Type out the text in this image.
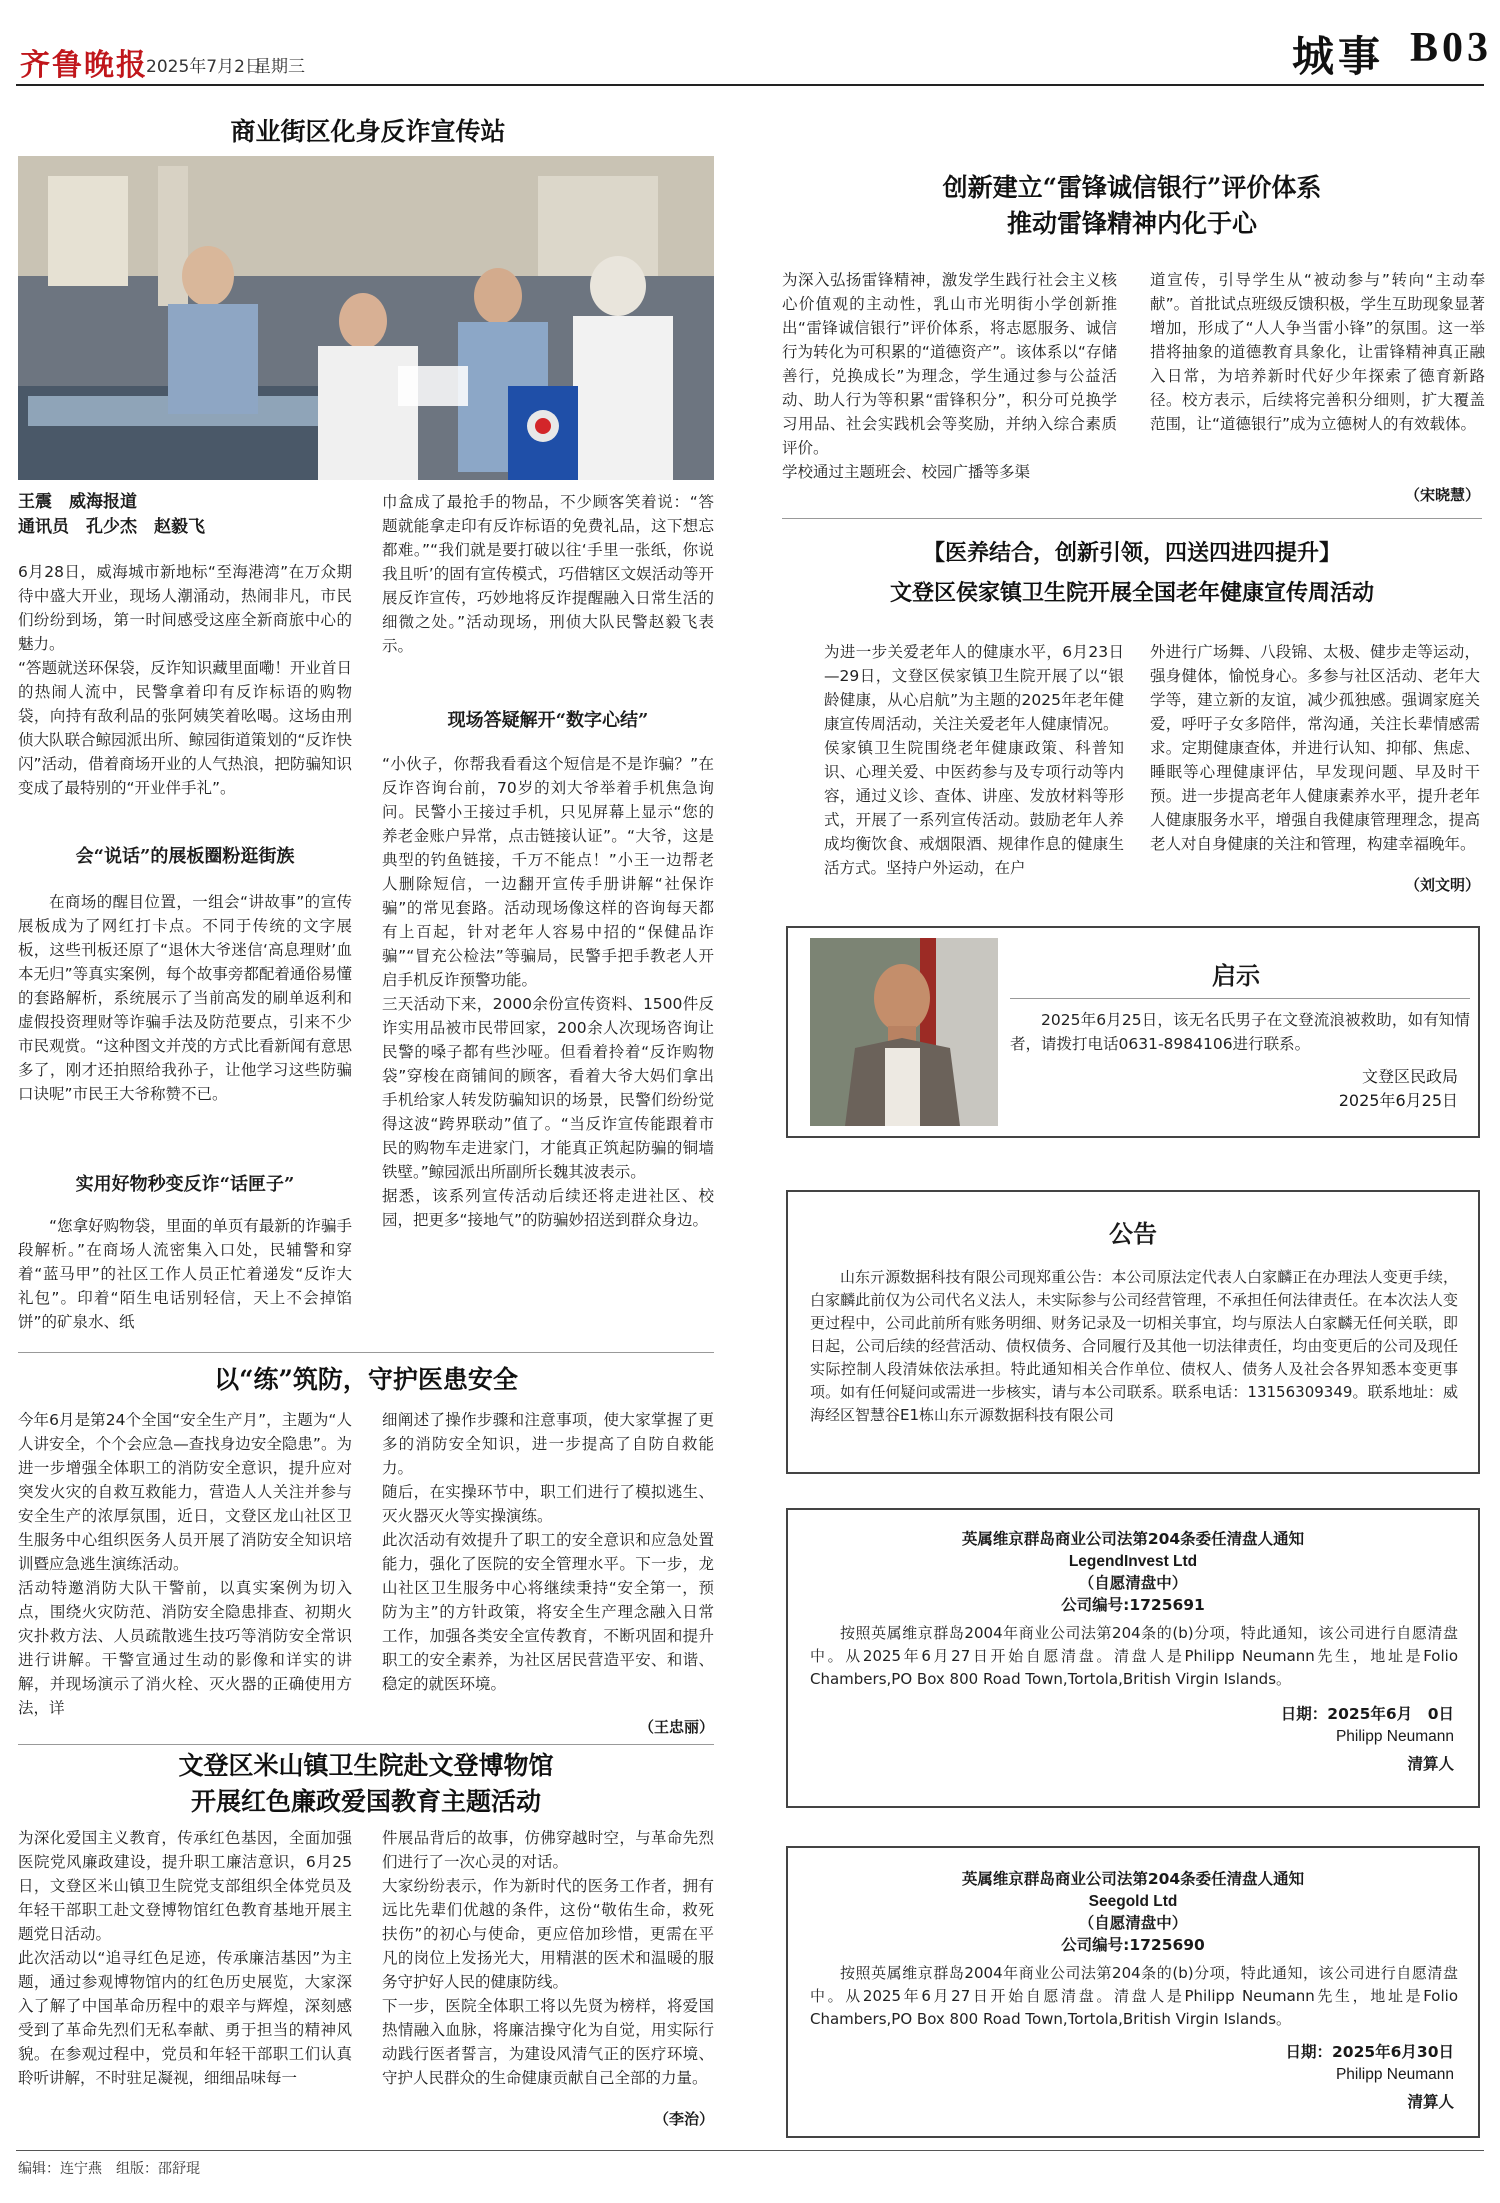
齐鲁晚报
2025年7月2日
星期三	城事 B03
商业街区化身反诈宣传站
王震　威海报道
通讯员　孔少杰　赵毅飞

6月28日，威海城市新地标“至海港湾”在万众期待中盛大开业，现场人潮涌动，热闹非凡，市民们纷纷到场，第一时间感受这座全新商旅中心的魅力。
“答题就送环保袋，反诈知识藏里面嘞！开业首日的热闹人流中，民警拿着印有反诈标语的购物袋，向持有敌利品的张阿姨笑着吆喝。这场由刑侦大队联合鲸园派出所、鲸园街道策划的“反诈快闪”活动，借着商场开业的人气热浪，把防骗知识变成了最特别的“开业伴手礼”。

会“说话”的展板圈粉逛街族

在商场的醒目位置，一组会“讲故事”的宣传展板成为了网红打卡点。不同于传统的文字展板，这些刊板还原了“退休大爷迷信‘高息理财’血本无归”等真实案例，每个故事旁都配着通俗易懂的套路解析，系统展示了当前高发的刷单返利和虚假投资理财等诈骗手法及防范要点，引来不少市民观赏。“这种图文并茂的方式比看新闻有意思多了，刚才还拍照给我孙子，让他学习这些防骗口诀呢”市民王大爷称赞不已。

实用好物秒变反诈“话匣子”

“您拿好购物袋，里面的单页有最新的诈骗手段解析。”在商场人流密集入口处，民辅警和穿着“蓝马甲”的社区工作人员正忙着递发“反诈大礼包”。印着“陌生电话别轻信，天上不会掉馅饼”的矿泉水、纸

巾盒成了最抢手的物品，不少顾客笑着说：“答题就能拿走印有反诈标语的免费礼品，这下想忘都难。”“我们就是要打破以往‘手里一张纸，你说我且听’的固有宣传模式，巧借辖区文娱活动等开展反诈宣传，巧妙地将反诈提醒融入日常生活的细微之处。”活动现场，刑侦大队民警赵毅飞表示。
现场答疑解开“数字心结”
“小伙子，你帮我看看这个短信是不是诈骗？”在反诈咨询台前，70岁的刘大爷举着手机焦急询问。民警小王接过手机，只见屏幕上显示“您的养老金账户异常，点击链接认证”。“大爷，这是典型的钓鱼链接，千万不能点！”小王一边帮老人删除短信，一边翻开宣传手册讲解“社保诈骗”的常见套路。活动现场像这样的咨询每天都有上百起，针对老年人容易中招的“保健品诈骗”“冒充公检法”等骗局，民警手把手教老人开启手机反诈预警功能。
三天活动下来，2000余份宣传资料、1500件反诈实用品被市民带回家，200余人次现场咨询让民警的嗓子都有些沙哑。但看着拎着“反诈购物袋”穿梭在商铺间的顾客，看着大爷大妈们拿出手机给家人转发防骗知识的场景，民警们纷纷觉得这波“跨界联动”值了。“当反诈宣传能跟着市民的购物车走进家门，才能真正筑起防骗的铜墙铁壁。”鲸园派出所副所长魏其波表示。
据悉，该系列宣传活动后续还将走进社区、校园，把更多“接地气”的防骗妙招送到群众身边。
以“练”筑防，守护医患安全
今年6月是第24个全国“安全生产月”，主题为“人人讲安全，个个会应急—查找身边安全隐患”。为进一步增强全体职工的消防安全意识，提升应对突发火灾的自救互救能力，营造人人关注并参与安全生产的浓厚氛围，近日，文登区龙山社区卫生服务中心组织医务人员开展了消防安全知识培训暨应急逃生演练活动。
活动特邀消防大队干警前，以真实案例为切入点，围绕火灾防范、消防安全隐患排查、初期火灾扑救方法、人员疏散逃生技巧等消防安全常识进行讲解。干警宣通过生动的影像和详实的讲解，并现场演示了消火栓、灭火器的正确使用方法，详
细阐述了操作步骤和注意事项，使大家掌握了更多的消防安全知识，进一步提高了自防自救能力。
随后，在实操环节中，职工们进行了模拟逃生、灭火器灭火等实操演练。
此次活动有效提升了职工的安全意识和应急处置能力，强化了医院的安全管理水平。下一步，龙山社区卫生服务中心将继续秉持“安全第一，预防为主”的方针政策，将安全生产理念融入日常工作，加强各类安全宣传教育，不断巩固和提升职工的安全素养，为社区居民营造平安、和谐、稳定的就医环境。
（王忠丽）
文登区米山镇卫生院赴文登博物馆
开展红色廉政爱国教育主题活动
为深化爱国主义教育，传承红色基因，全面加强医院党风廉政建设，提升职工廉洁意识，6月25日，文登区米山镇卫生院党支部组织全体党员及年轻干部职工赴文登博物馆红色教育基地开展主题党日活动。
此次活动以“追寻红色足迹，传承廉洁基因”为主题，通过参观博物馆内的红色历史展览，大家深入了解了中国革命历程中的艰辛与辉煌，深刻感受到了革命先烈们无私奉献、勇于担当的精神风貌。在参观过程中，党员和年轻干部职工们认真聆听讲解，不时驻足凝视，细细品味每一
件展品背后的故事，仿佛穿越时空，与革命先烈们进行了一次心灵的对话。
大家纷纷表示，作为新时代的医务工作者，拥有远比先辈们优越的条件，这份“敬佑生命，救死扶伤”的初心与使命，更应倍加珍惜，更需在平凡的岗位上发扬光大，用精湛的医术和温暖的服务守护好人民的健康防线。
下一步，医院全体职工将以先贤为榜样，将爱国热情融入血脉，将廉洁操守化为自觉，用实际行动践行医者誓言，为建设风清气正的医疗环境、守护人民群众的生命健康贡献自己全部的力量。
（李治）
创新建立“雷锋诚信银行”评价体系
推动雷锋精神内化于心
为深入弘扬雷锋精神，激发学生践行社会主义核心价值观的主动性，乳山市光明街小学创新推出“雷锋诚信银行”评价体系，将志愿服务、诚信行为转化为可积累的“道德资产”。该体系以“存储善行，兑换成长”为理念，学生通过参与公益活动、助人行为等积累“雷锋积分”，积分可兑换学习用品、社会实践机会等奖励，并纳入综合素质评价。
学校通过主题班会、校园广播等多渠
道宣传，引导学生从“被动参与”转向“主动奉献”。首批试点班级反馈积极，学生互助现象显著增加，形成了“人人争当雷小锋”的氛围。这一举措将抽象的道德教育具象化，让雷锋精神真正融入日常，为培养新时代好少年探索了德育新路径。校方表示，后续将完善积分细则，扩大覆盖范围，让“道德银行”成为立德树人的有效载体。
（宋晓慧）
【医养结合，创新引领，四送四进四提升】
文登区侯家镇卫生院开展全国老年健康宣传周活动
为进一步关爱老年人的健康水平，6月23日—29日，文登区侯家镇卫生院开展了以“银龄健康，从心启航”为主题的2025年老年健康宣传周活动，关注关爱老年人健康情况。
侯家镇卫生院围绕老年健康政策、科普知识、心理关爱、中医药参与及专项行动等内容，通过义诊、查体、讲座、发放材料等形式，开展了一系列宣传活动。鼓励老年人养成均衡饮食、戒烟限酒、规律作息的健康生活方式。坚持户外运动，在户
外进行广场舞、八段锦、太极、健步走等运动，强身健体，愉悦身心。多参与社区活动、老年大学等，建立新的友谊，减少孤独感。强调家庭关爱，呼吁子女多陪伴，常沟通，关注长辈情感需求。定期健康查体，并进行认知、抑郁、焦虑、睡眠等心理健康评估，早发现问题、早及时干预。进一步提高老年人健康素养水平，提升老年人健康服务水平，增强自我健康管理理念，提高老人对自身健康的关注和管理，构建幸福晚年。
（刘文明）
启示

2025年6月25日，该无名氏男子在文登流浪被救助，如有知情者，请拨打电话0631-8984106进行联系。

文登区民政局
2025年6月25日
公告

山东亓源数据科技有限公司现郑重公告：本公司原法定代表人白家麟正在办理法人变更手续，白家麟此前仅为公司代名义法人，未实际参与公司经营管理，不承担任何法律责任。在本次法人变更过程中，公司此前所有账务明细、财务记录及一切相关事宜，均与原法人白家麟无任何关联，即日起，公司后续的经营活动、债权债务、合同履行及其他一切法律责任，均由变更后的公司及现任实际控制人段清妹依法承担。特此通知相关合作单位、债权人、债务人及社会各界知悉本变更事项。如有任何疑问或需进一步核实，请与本公司联系。联系电话：13156309349。联系地址：威海经区智慧谷E1栋山东亓源数据科技有限公司

英属维京群岛商业公司法第204条委任清盘人通知
LegendInvest Ltd
（自愿清盘中）
公司编号:1725691

按照英属维京群岛2004年商业公司法第204条的(b)分项，特此通知，该公司进行自愿清盘中。从2025年6月27日开始自愿清盘。清盘人是Philipp Neumann先生，地址是Folio Chambers,PO Box 800 Road Town,Tortola,British Virgin Islands。

日期：2025年6月　0日
Philipp Neumann
清算人
英属维京群岛商业公司法第204条委任清盘人通知
Seegold Ltd
（自愿清盘中）
公司编号:1725690

按照英属维京群岛2004年商业公司法第204条的(b)分项，特此通知，该公司进行自愿清盘中。从2025年6月27日开始自愿清盘。清盘人是Philipp Neumann先生，地址是Folio Chambers,PO Box 800 Road Town,Tortola,British Virgin Islands。

日期：2025年6月30日
Philipp Neumann
清算人
编辑：连宁燕　组版：邵舒琨
